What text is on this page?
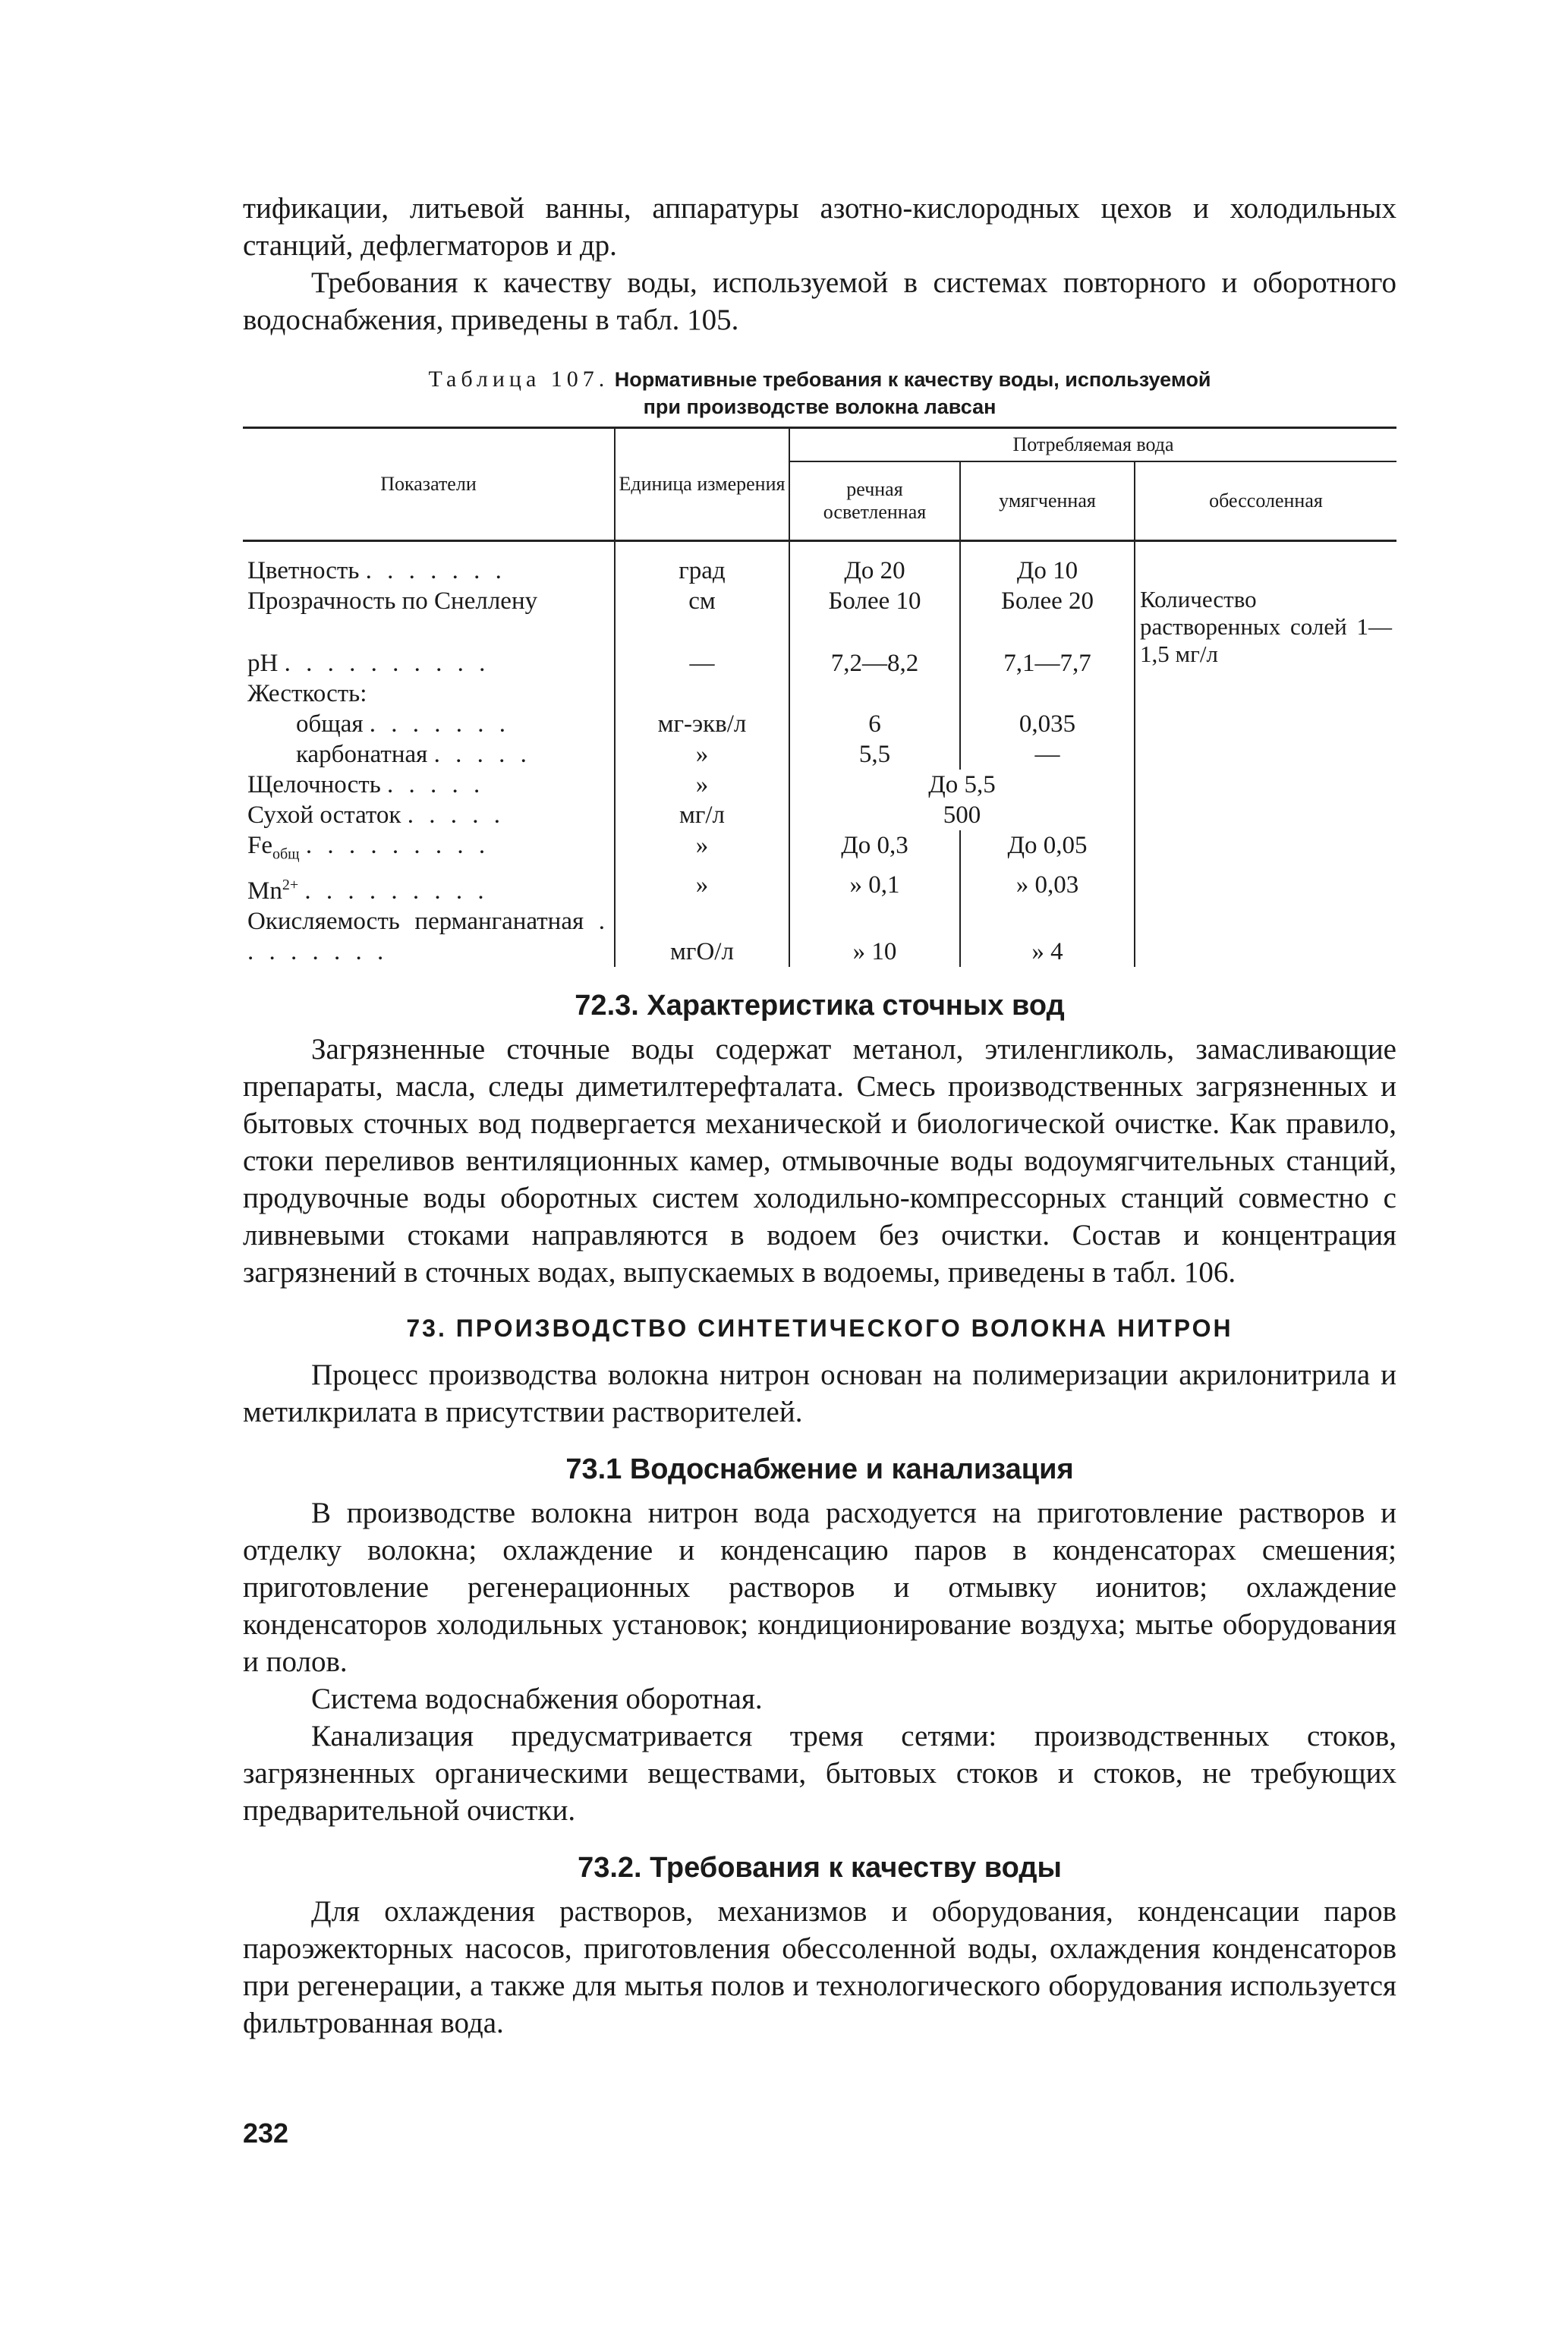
тификации, литьевой ванны, аппаратуры азотно-кислородных цехов и холодильных станций, дефлегматоров и др.

Требования к качеству воды, используемой в системах повторного и оборотного водоснабжения, приведены в табл. 105.

Таблица 107. Нормативные требования к качеству воды, используемой
при производстве волокна лавсан
Показатели	Единица измерения	Потребляемая вода		
		речная осветленная	умягченная	обессоленная
Цветность . . . . . . .	град	До 20	До 10	Количество растворенных солей 1—1,5 мг/л
Прозрачность по Снеллену	см	Более 10	Более 20	
pH . . . . . . . . . .	—	7,2—8,2	7,1—7,7	
Жесткость:				
общая . . . . . . .	мг-экв/л	6	0,035	
карбонатная . . . . .	»	5,5	—	
Щелочность . . . . .	»	До 5,5		
Сухой остаток . . . . .	мг/л	500		
$Fe_{общ}$ . . . . . . . . .	»	До 0,3	До 0,05	
$Mn^{2+}$ . . . . . . . . .	»	» 0,1	» 0,03	
Окисляемость перманганатная . . . . . . . .	мгО/л	» 10	» 4	
72.3. Характеристика сточных вод

Загрязненные сточные воды содержат метанол, этиленгликоль, замасливающие препараты, масла, следы диметилтерефталата. Смесь производственных загрязненных и бытовых сточных вод подвергается механической и биологической очистке. Как правило, стоки переливов вентиляционных камер, отмывочные воды водоумягчительных станций, продувочные воды оборотных систем холодильно-компрессорных станций совместно с ливневыми стоками направляются в водоем без очистки. Состав и концентрация загрязнений в сточных водах, выпускаемых в водоемы, приведены в табл. 106.

73. ПРОИЗВОДСТВО СИНТЕТИЧЕСКОГО ВОЛОКНА НИТРОН

Процесс производства волокна нитрон основан на полимеризации акрилонитрила и метилкрилата в присутствии растворителей.

73.1 Водоснабжение и канализация

В производстве волокна нитрон вода расходуется на приготовление растворов и отделку волокна; охлаждение и конденсацию паров в конденсаторах смешения; приготовление регенерационных растворов и отмывку ионитов; охлаждение конденсаторов холодильных установок; кондиционирование воздуха; мытье оборудования и полов.

Система водоснабжения оборотная.

Канализация предусматривается тремя сетями: производственных стоков, загрязненных органическими веществами, бытовых стоков и стоков, не требующих предварительной очистки.

73.2. Требования к качеству воды

Для охлаждения растворов, механизмов и оборудования, конденсации паров пароэжекторных насосов, приготовления обессоленной воды, охлаждения конденсаторов при регенерации, а также для мытья полов и технологического оборудования используется фильтрованная вода.

232
